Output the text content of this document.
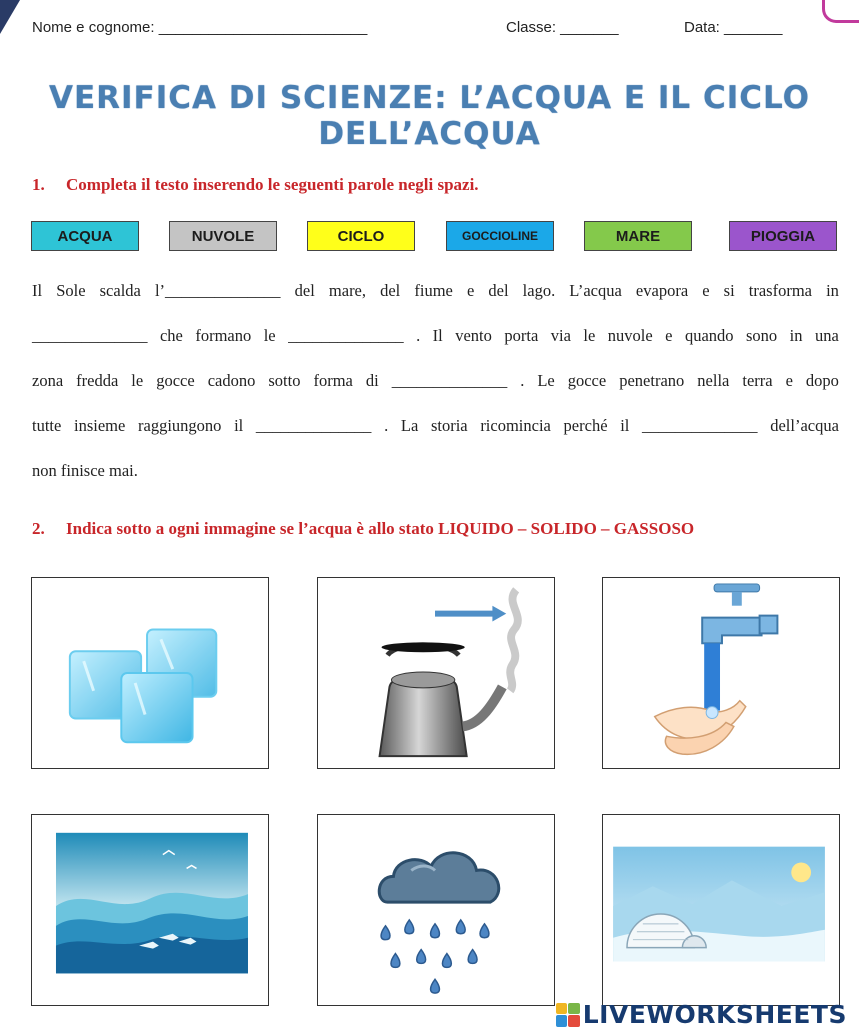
Nome e cognome: _________________________	Classe: _______	Data: _______
VERIFICA DI SCIENZE: L’ACQUA E IL CICLO DELL’ACQUA
1. Completa il testo inserendo le seguenti parole negli spazi.
ACQUA	NUVOLE	CICLO	GOCCIOLINE	MARE	PIOGGIA
Il Sole scalda l’______________ del mare, del fiume e del lago. L’acqua evapora e si trasforma in
______________ che formano le ______________ . Il vento porta via le nuvole e quando sono in una
zona fredda le gocce cadono sotto forma di ______________ . Le gocce penetrano nella terra e dopo
tutte insieme raggiungono il ______________ . La storia ricomincia perché il ______________ dell’acqua
non finisce mai.
2. Indica sotto a ogni immagine se l’acqua è allo stato LIQUIDO – SOLIDO – GASSOSO
LIVEWORKSHEETS
